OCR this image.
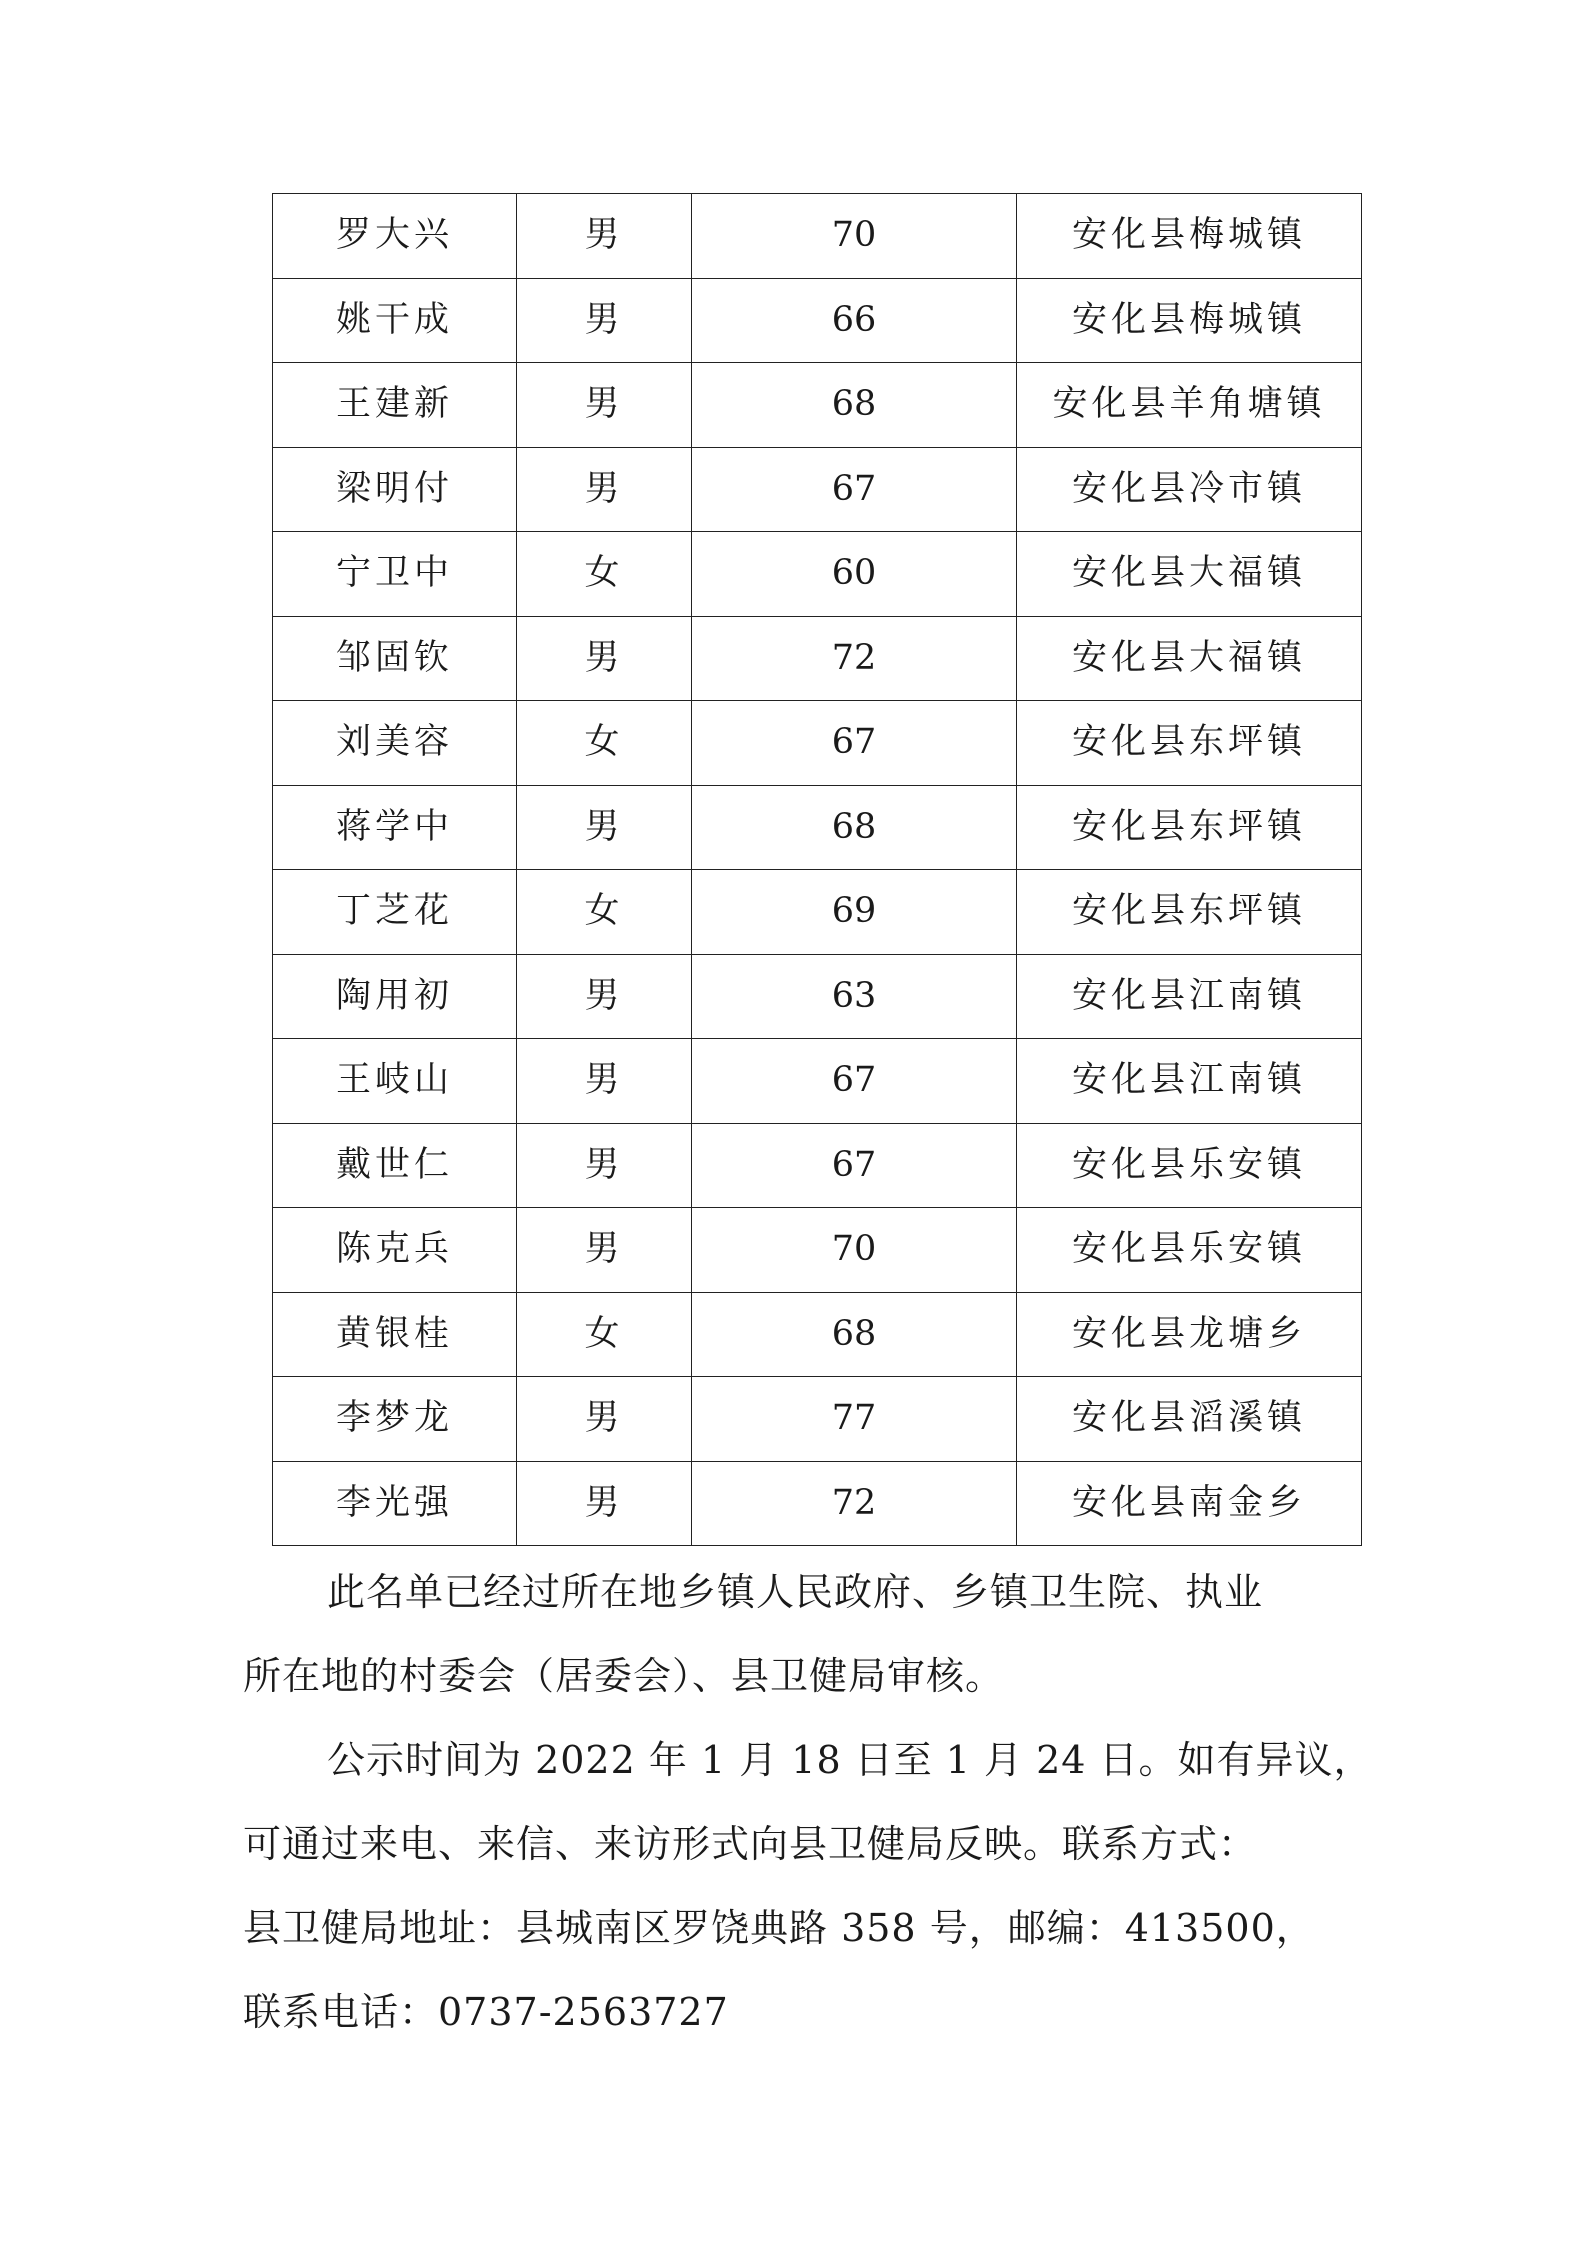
罗大兴	男	70	安化县梅城镇
姚干成	男	66	安化县梅城镇
王建新	男	68	安化县羊角塘镇
梁明付	男	67	安化县冷市镇
宁卫中	女	60	安化县大福镇
邹固钦	男	72	安化县大福镇
刘美容	女	67	安化县东坪镇
蒋学中	男	68	安化县东坪镇
丁芝花	女	69	安化县东坪镇
陶用初	男	63	安化县江南镇
王岐山	男	67	安化县江南镇
戴世仁	男	67	安化县乐安镇
陈克兵	男	70	安化县乐安镇
黄银桂	女	68	安化县龙塘乡
李梦龙	男	77	安化县滔溪镇
李光强	男	72	安化县南金乡
此名单已经过所在地乡镇人民政府、乡镇卫生院、执业
所在地的村委会（居委会）、县卫健局审核。
公示时间为 2022 年 1 月 18 日至 1 月 24 日。如有异议，
可通过来电、来信、来访形式向县卫健局反映。联系方式：
县卫健局地址：县城南区罗饶典路 358 号，邮编：413500，
联系电话：0737-2563727
